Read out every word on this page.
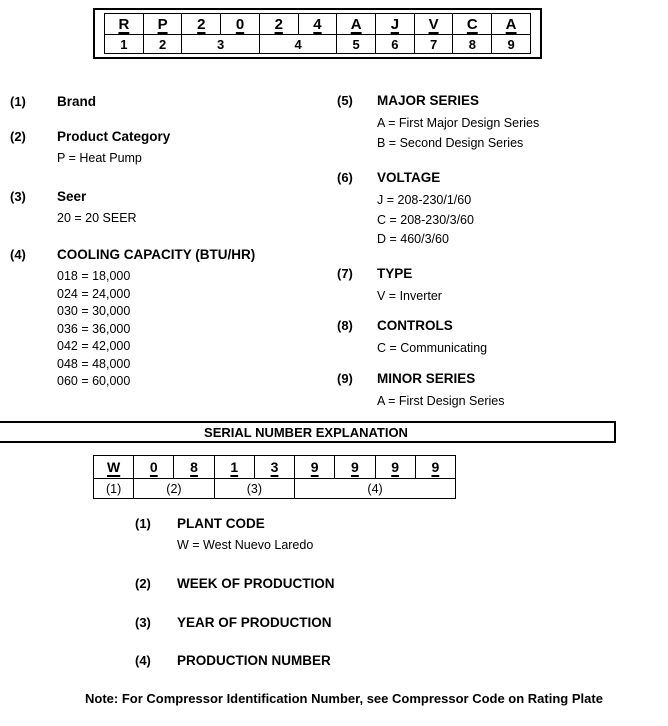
R	P	2	0	2	4	A	J	V	C	A
1	2	3		4		5	6	7	8	9
(1)	Brand
(2)	Product Category
P = Heat Pump
(3)	Seer
20 = 20 SEER
(4)	COOLING CAPACITY (BTU/HR)
018 = 18,000
024 = 24,000
030 = 30,000
036 = 36,000
042 = 42,000
048 = 48,000
060 = 60,000
(5)	MAJOR SERIES
A = First Major Design Series
B = Second Design Series
(6)	VOLTAGE
J = 208-230/1/60
C = 208-230/3/60
D = 460/3/60
(7)	TYPE
V = Inverter
(8)	CONTROLS
C = Communicating
(9)	MINOR SERIES
A = First Design Series
SERIAL NUMBER EXPLANATION
W	0	8	1	3	9	9	9	9
(1)	(2)		(3)		(4)			
(1)	PLANT CODE
W = West Nuevo Laredo
(2)	WEEK OF PRODUCTION
(3)	YEAR OF PRODUCTION
(4)	PRODUCTION NUMBER
Note: For Compressor Identification Number, see Compressor Code on Rating Plate
